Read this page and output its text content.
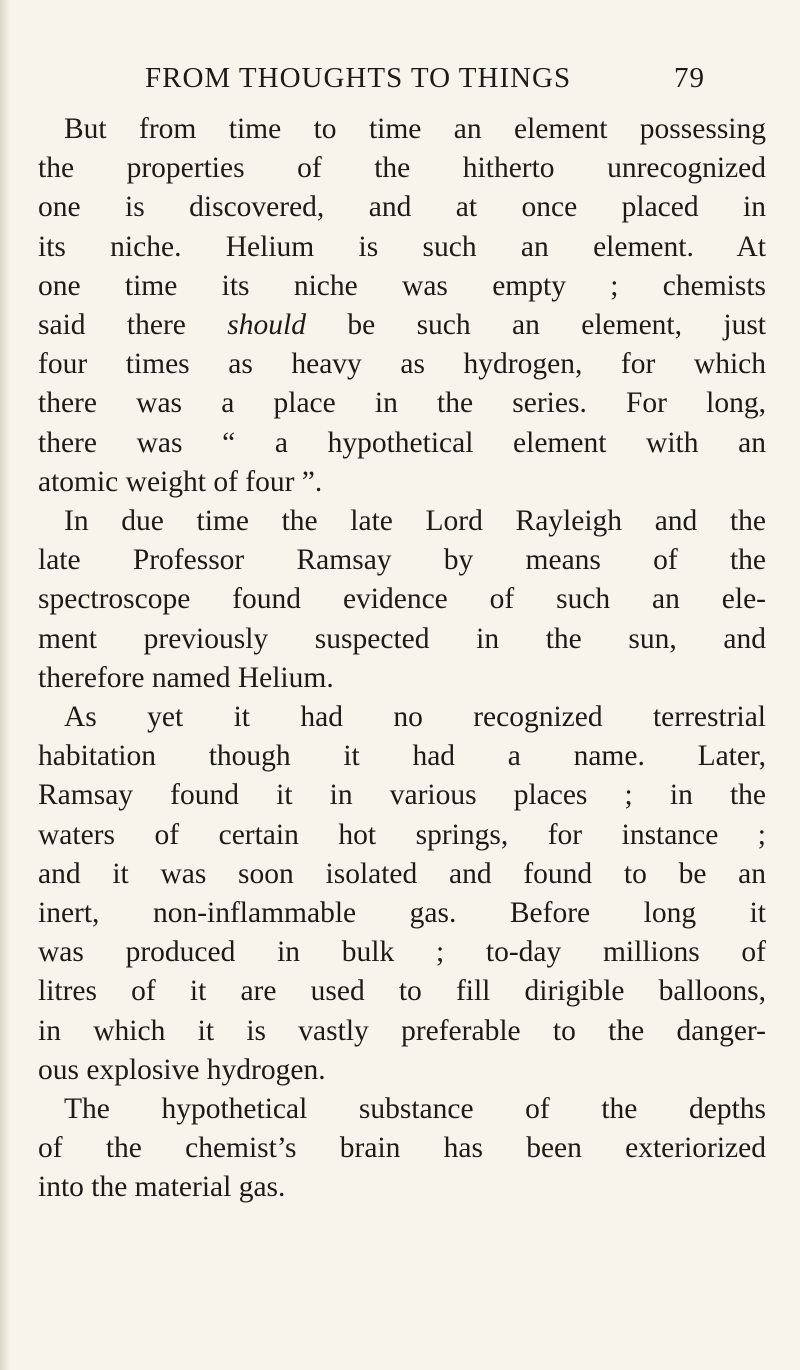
FROM THOUGHTS TO THINGS	79
But from time to time an element possessing
the properties of the hitherto unrecognized
one is discovered, and at once placed in
its niche. Helium is such an element. At
one time its niche was empty ; chemists
said there should be such an element, just
four times as heavy as hydrogen, for which
there was a place in the series. For long,
there was “ a hypothetical element with an
atomic weight of four ”.
In due time the late Lord Rayleigh and the
late Professor Ramsay by means of the
spectroscope found evidence of such an ele-
ment previously suspected in the sun, and
therefore named Helium.
As yet it had no recognized terrestrial
habitation though it had a name. Later,
Ramsay found it in various places ; in the
waters of certain hot springs, for instance ;
and it was soon isolated and found to be an
inert, non-inflammable gas. Before long it
was produced in bulk ; to-day millions of
litres of it are used to fill dirigible balloons,
in which it is vastly preferable to the danger-
ous explosive hydrogen.
The hypothetical substance of the depths
of the chemist’s brain has been exteriorized
into the material gas.
